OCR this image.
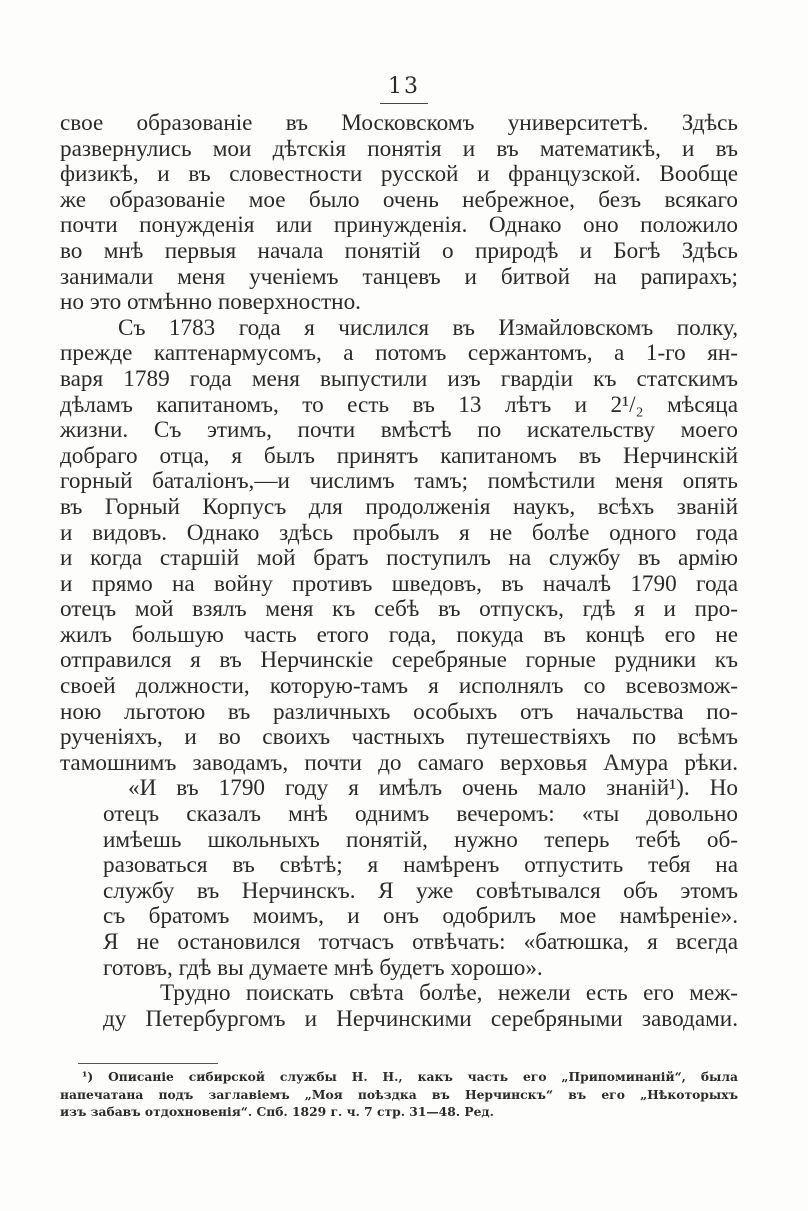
13
свое образованіе въ Московскомъ университетѣ. Здѣсь
развернулись мои дѣтскія понятія и въ математикѣ, и въ
физикѣ, и въ словестности русской и французской. Вообще
же образованіе мое было очень небрежное, безъ всякаго
почти понужденія или принужденія. Однако оно положило
во мнѣ первыя начала понятій о природѣ и Богѣ Здѣсь
занимали меня ученіемъ танцевъ и битвой на рапирахъ;
но это отмѣнно поверхностно.
Съ 1783 года я числился въ Измайловскомъ полку,
прежде каптенармусомъ, а потомъ сержантомъ, а 1-го ян-
варя 1789 года меня выпустили изъ гвардіи къ статскимъ
дѣламъ капитаномъ, то есть въ 13 лѣтъ и 2¹/₂ мѣсяца
жизни. Съ этимъ, почти вмѣстѣ по искательству моего
добраго отца, я былъ принятъ капитаномъ въ Нерчинскій
горный баталіонъ,—и числимъ тамъ; помѣстили меня опять
въ Горный Корпусъ для продолженія наукъ, всѣхъ званій
и видовъ. Однако здѣсь пробылъ я не болѣе одного года
и когда старшій мой братъ поступилъ на службу въ армію
и прямо на войну противъ шведовъ, въ началѣ 1790 года
отецъ мой взялъ меня къ себѣ въ отпускъ, гдѣ я и про-
жилъ большую часть етого года, покуда въ концѣ его не
отправился я въ Нерчинскіе серебряные горные рудники къ
своей должности, которую-тамъ я исполнялъ со всевозмож-
ною льготою въ различныхъ особыхъ отъ начальства по-
рученіяхъ, и во своихъ частныхъ путешествіяхъ по всѣмъ
тамошнимъ заводамъ, почти до самаго верховья Амура рѣки.
«И въ 1790 году я имѣлъ очень мало знаній¹). Но
отецъ сказалъ мнѣ однимъ вечеромъ: «ты довольно
имѣешь школьныхъ понятій, нужно теперь тебѣ об-
разоваться въ свѣтѣ; я намѣренъ отпустить тебя на
службу въ Нерчинскъ. Я уже совѣтывался объ этомъ
съ братомъ моимъ, и онъ одобрилъ мое намѣреніе».
Я не остановился тотчасъ отвѣчать: «батюшка, я всегда
готовъ, гдѣ вы думаете мнѣ будетъ хорошо».
Трудно поискать свѣта болѣе, нежели есть его меж-
ду Петербургомъ и Нерчинскими серебряными заводами.
¹) Описаніе сибирской службы Н. Н., какъ часть его „Припоминаній“, была
напечатана подъ заглавіемъ „Моя поѣздка въ Нерчинскъ“ въ его „Нѣкоторыхъ
изъ забавъ отдохновенія“. Спб. 1829 г. ч. 7 стр. 31—48. Ред.
